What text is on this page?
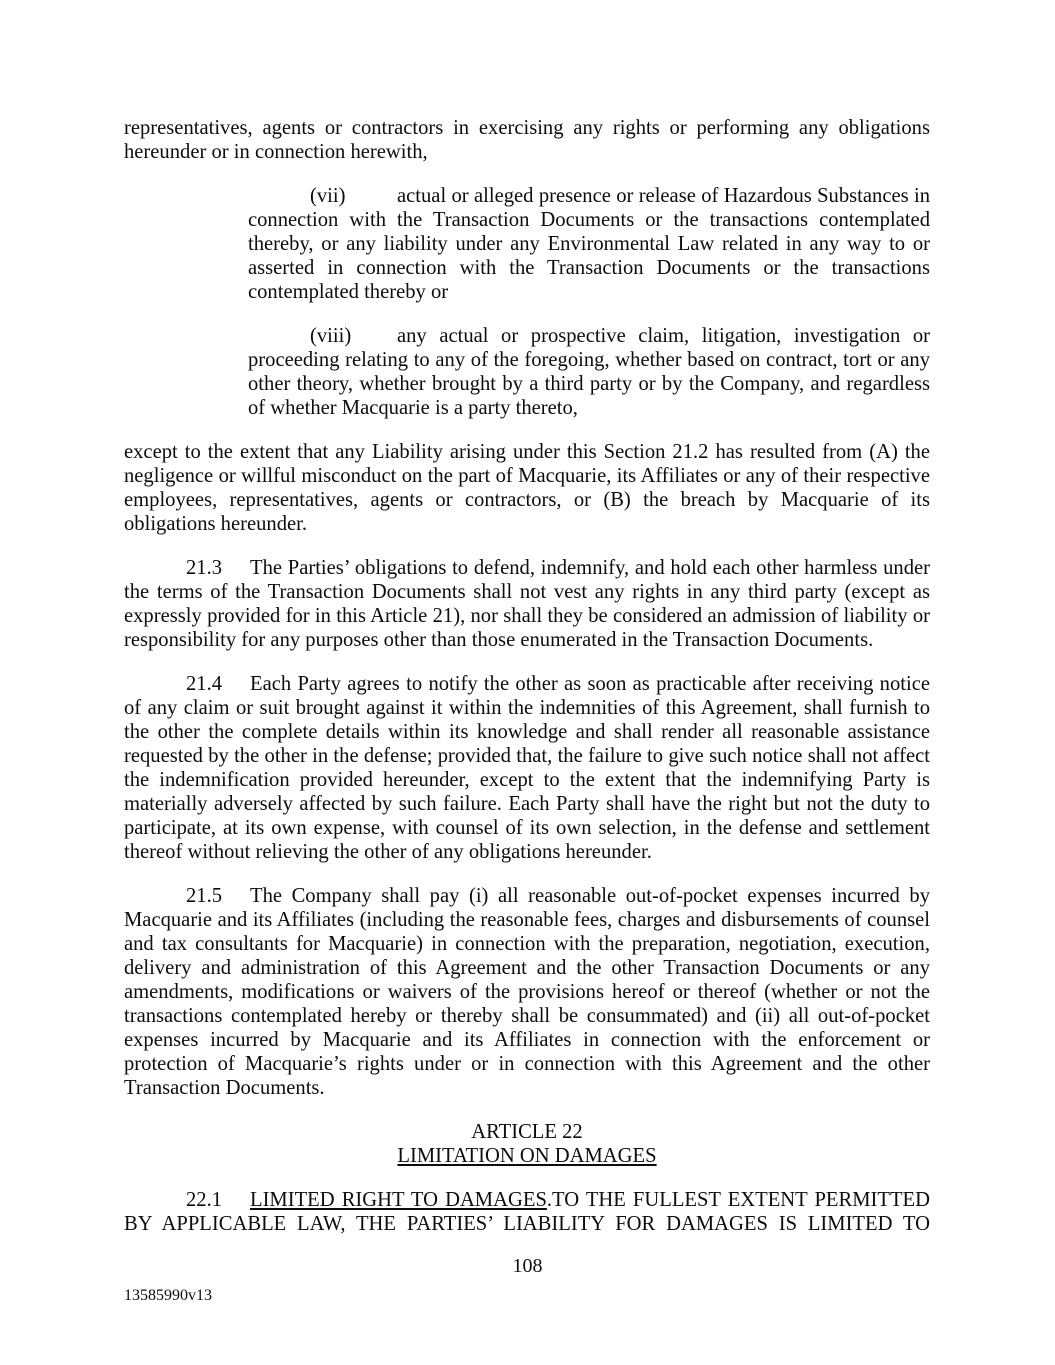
representatives, agents or contractors in exercising any rights or performing any obligations hereunder or in connection herewith,

(vii)	actual or alleged presence or release of Hazardous Substances in connection with the Transaction Documents or the transactions contemplated thereby, or any liability under any Environmental Law related in any way to or asserted in connection with the Transaction Documents or the transactions contemplated thereby or

(viii) any actual or prospective claim, litigation, investigation or proceeding relating to any of the foregoing, whether based on contract, tort or any other theory, whether brought by a third party or by the Company, and regardless of whether Macquarie is a party thereto,

except to the extent that any Liability arising under this Section 21.2 has resulted from (A) the negligence or willful misconduct on the part of Macquarie, its Affiliates or any of their respective employees, representatives, agents or contractors, or (B) the breach by Macquarie of its obligations hereunder.

21.3 The Parties’ obligations to defend, indemnify, and hold each other harmless under the terms of the Transaction Documents shall not vest any rights in any third party (except as expressly provided for in this Article 21), nor shall they be considered an admission of liability or responsibility for any purposes other than those enumerated in the Transaction Documents.

21.4 Each Party agrees to notify the other as soon as practicable after receiving notice of any claim or suit brought against it within the indemnities of this Agreement, shall furnish to the other the complete details within its knowledge and shall render all reasonable assistance requested by the other in the defense; provided that, the failure to give such notice shall not affect the indemnification provided hereunder, except to the extent that the indemnifying Party is materially adversely affected by such failure. Each Party shall have the right but not the duty to participate, at its own expense, with counsel of its own selection, in the defense and settlement thereof without relieving the other of any obligations hereunder.

21.5 The Company shall pay (i) all reasonable out-of-pocket expenses incurred by Macquarie and its Affiliates (including the reasonable fees, charges and disbursements of counsel and tax consultants for Macquarie) in connection with the preparation, negotiation, execution, delivery and administration of this Agreement and the other Transaction Documents or any amendments, modifications or waivers of the provisions hereof or thereof (whether or not the transactions contemplated hereby or thereby shall be consummated) and (ii) all out-of-pocket expenses incurred by Macquarie and its Affiliates in connection with the enforcement or protection of Macquarie’s rights under or in connection with this Agreement and the other Transaction Documents.

ARTICLE 22
LIMITATION ON DAMAGES

22.1 LIMITED RIGHT TO DAMAGES.TO THE FULLEST EXTENT PERMITTED BY APPLICABLE LAW, THE PARTIES’ LIABILITY FOR DAMAGES IS LIMITED TO

108
13585990v13
